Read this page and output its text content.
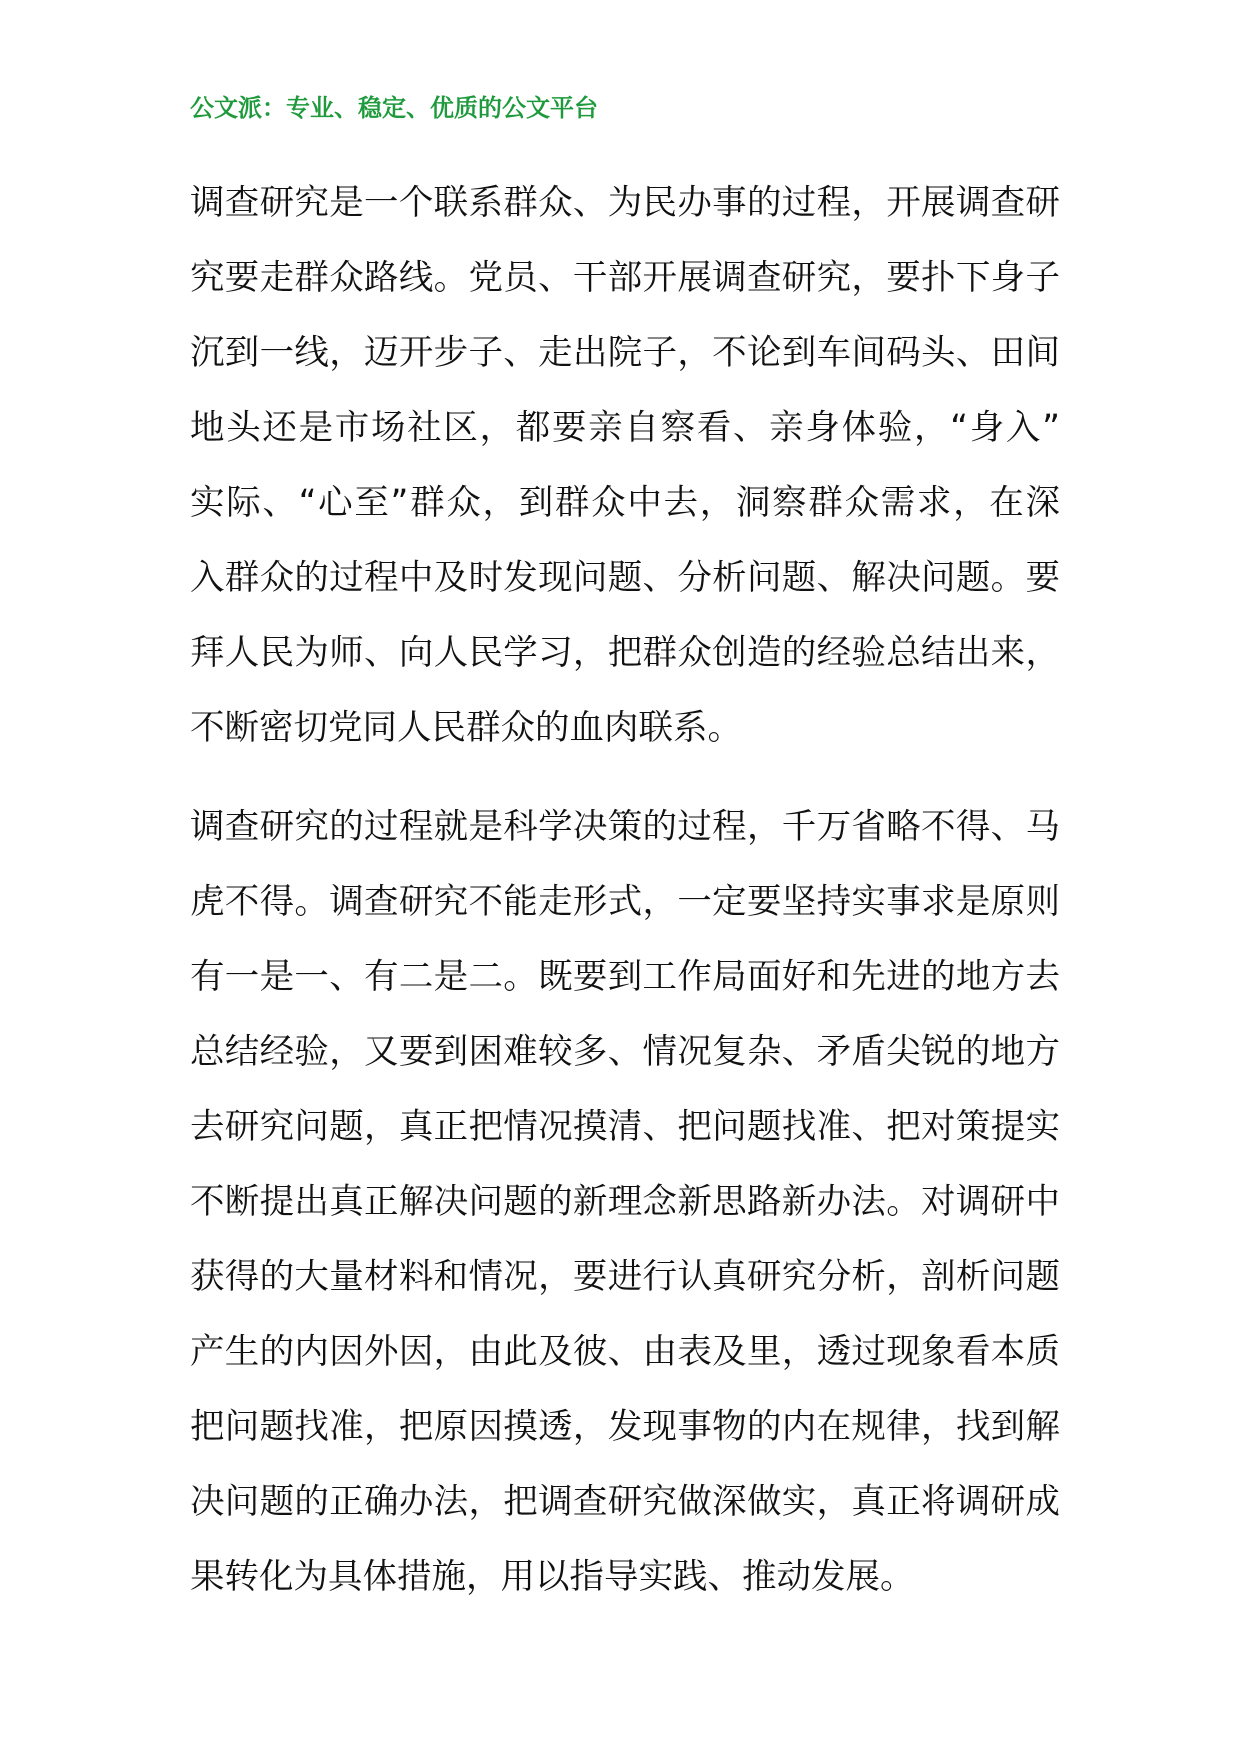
公文派：专业、稳定、优质的公文平台

调查研究是一个联系群众、为民办事的过程，开展调查研
究要走群众路线。党员、干部开展调查研究，要扑下身子
沉到一线，迈开步子、走出院子，不论到车间码头、田间
地头还是市场社区，都要亲自察看、亲身体验，“身入”
实际、“心至”群众，到群众中去，洞察群众需求，在深
入群众的过程中及时发现问题、分析问题、解决问题。要
拜人民为师、向人民学习，把群众创造的经验总结出来，
不断密切党同人民群众的血肉联系。

调查研究的过程就是科学决策的过程，千万省略不得、马
虎不得。调查研究不能走形式，一定要坚持实事求是原则
有一是一、有二是二。既要到工作局面好和先进的地方去
总结经验，又要到困难较多、情况复杂、矛盾尖锐的地方
去研究问题，真正把情况摸清、把问题找准、把对策提实
不断提出真正解决问题的新理念新思路新办法。对调研中
获得的大量材料和情况，要进行认真研究分析，剖析问题
产生的内因外因，由此及彼、由表及里，透过现象看本质
把问题找准，把原因摸透，发现事物的内在规律，找到解
决问题的正确办法，把调查研究做深做实，真正将调研成
果转化为具体措施，用以指导实践、推动发展。
